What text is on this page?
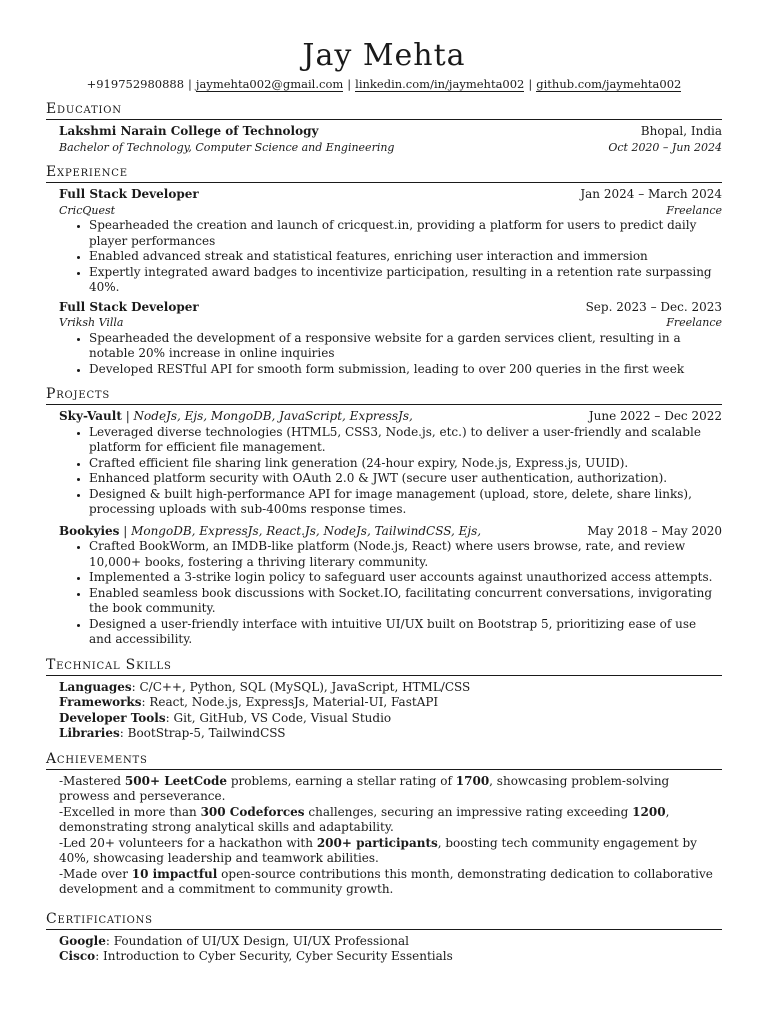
Jay Mehta
+919752980888 | jaymehta002@gmail.com | linkedin.com/in/jaymehta002 | github.com/jaymehta002
Education
Lakshmi Narain College of Technology	Bhopal, India
Bachelor of Technology, Computer Science and Engineering	Oct 2020 – Jun 2024
Experience
Full Stack Developer	Jan 2024 – March 2024
CricQuest	Freelance
• Spearheaded the creation and launch of cricquest.in, providing a platform for users to predict daily player performances
• Enabled advanced streak and statistical features, enriching user interaction and immersion
• Expertly integrated award badges to incentivize participation, resulting in a retention rate surpassing 40%.
Full Stack Developer	Sep. 2023 – Dec. 2023
Vriksh Villa	Freelance
• Spearheaded the development of a responsive website for a garden services client, resulting in a notable 20% increase in online inquiries
• Developed RESTful API for smooth form submission, leading to over 200 queries in the first week
Projects
Sky-Vault | NodeJs, Ejs, MongoDB, JavaScript, ExpressJs,	June 2022 – Dec 2022
• Leveraged diverse technologies (HTML5, CSS3, Node.js, etc.) to deliver a user-friendly and scalable platform for efficient file management.
• Crafted efficient file sharing link generation (24-hour expiry, Node.js, Express.js, UUID).
• Enhanced platform security with OAuth 2.0 & JWT (secure user authentication, authorization).
• Designed & built high-performance API for image management (upload, store, delete, share links), processing uploads with sub-400ms response times.
Bookyies | MongoDB, ExpressJs, React.Js, NodeJs, TailwindCSS, Ejs,	May 2018 – May 2020
• Crafted BookWorm, an IMDB-like platform (Node.js, React) where users browse, rate, and review 10,000+ books, fostering a thriving literary community.
• Implemented a 3-strike login policy to safeguard user accounts against unauthorized access attempts.
• Enabled seamless book discussions with Socket.IO, facilitating concurrent conversations, invigorating the book community.
• Designed a user-friendly interface with intuitive UI/UX built on Bootstrap 5, prioritizing ease of use and accessibility.
Technical Skills
Languages: C/C++, Python, SQL (MySQL), JavaScript, HTML/CSS
Frameworks: React, Node.js, ExpressJs, Material-UI, FastAPI
Developer Tools: Git, GitHub, VS Code, Visual Studio
Libraries: BootStrap-5, TailwindCSS
Achievements
-Mastered 500+ LeetCode problems, earning a stellar rating of 1700, showcasing problem-solving prowess and perseverance.
-Excelled in more than 300 Codeforces challenges, securing an impressive rating exceeding 1200, demonstrating strong analytical skills and adaptability.
-Led 20+ volunteers for a hackathon with 200+ participants, boosting tech community engagement by 40%, showcasing leadership and teamwork abilities.
-Made over 10 impactful open-source contributions this month, demonstrating dedication to collaborative development and a commitment to community growth.
Certifications
Google: Foundation of UI/UX Design, UI/UX Professional
Cisco: Introduction to Cyber Security, Cyber Security Essentials
